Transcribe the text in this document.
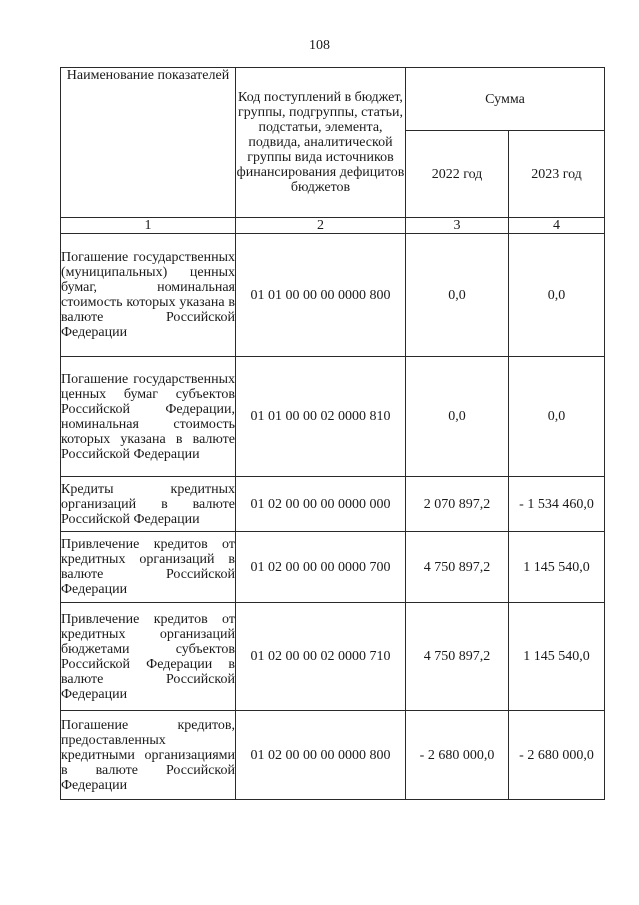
108
Наименование показателей	Код поступлений в бюджет, группы, подгруппы, статьи, подстатьи, элемента, подвида, аналитической группы вида источников финансирования дефицитов бюджетов	Сумма	
		2022 год	2023 год
1	2	3	4
Погашение государственных (муниципальных) ценных бумаг, номинальная стоимость которых указана в валюте Российской Федерации	01 01 00 00 00 0000 800	0,0	0,0
Погашение государственных ценных бумаг субъектов Российской Федерации, номинальная стоимость которых указана в валюте Российской Федерации	01 01 00 00 02 0000 810	0,0	0,0
Кредиты кредитных организаций в валюте Российской Федерации	01 02 00 00 00 0000 000	2 070 897,2	- 1 534 460,0
Привлечение кредитов от кредитных организаций в валюте Российской Федерации	01 02 00 00 00 0000 700	4 750 897,2	1 145 540,0
Привлечение кредитов от кредитных организаций бюджетами субъектов Российской Федерации в валюте Российской Федерации	01 02 00 00 02 0000 710	4 750 897,2	1 145 540,0
Погашение кредитов, предоставленных кредитными организациями в валюте Российской Федерации	01 02 00 00 00 0000 800	- 2 680 000,0	- 2 680 000,0
